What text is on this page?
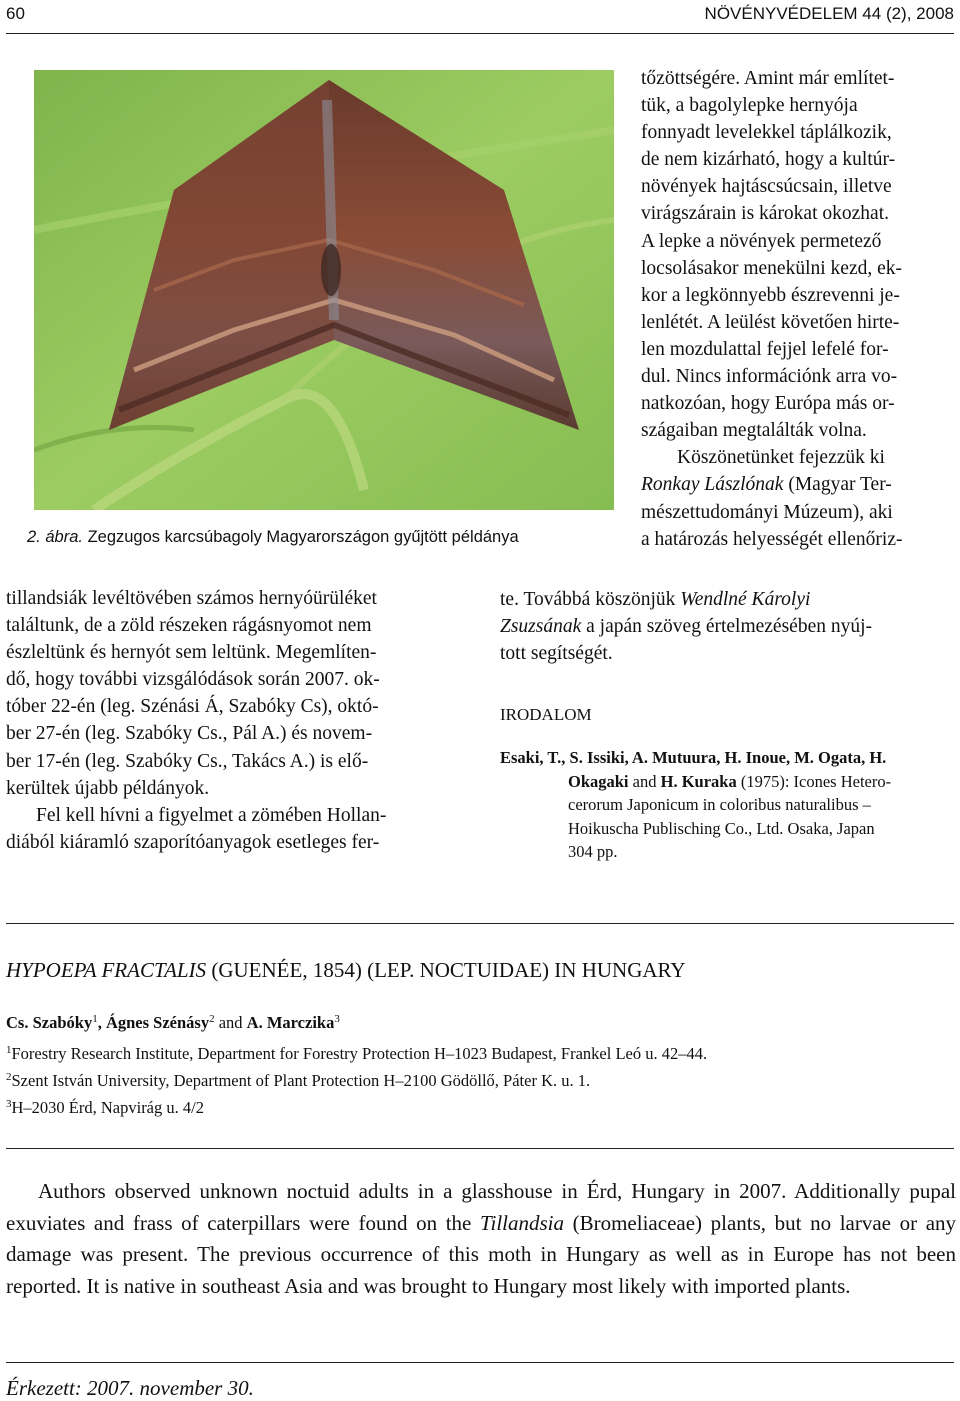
60	NÖVÉNYVÉDELEM 44 (2), 2008
2. ábra. Zegzugos karcsúbagoly Magyarországon gyűjtött példánya
tillandsiák levéltövében számos hernyóürüléket
találtunk, de a zöld részeken rágásnyomot nem
észleltünk és hernyót sem leltünk. Megemlíten-
dő, hogy további vizsgálódások során 2007. ok-
tóber 22-én (leg. Szénási Á, Szabóky Cs), októ-
ber 27-én (leg. Szabóky Cs., Pál A.) és novem-
ber 17-én (leg. Szabóky Cs., Takács A.) is elő-
kerültek újabb példányok.
Fel kell hívni a figyelmet a zömében Hollan-
diából kiáramló szaporítóanyagok esetleges fer-
tőzöttségére. Amint már említet-
tük, a bagolylepke hernyója
fonnyadt levelekkel táplálkozik,
de nem kizárható, hogy a kultúr-
növények hajtáscsúcsain, illetve
virágszárain is károkat okozhat.
A lepke a növények permetező
locsolásakor menekülni kezd, ek-
kor a legkönnyebb észrevenni je-
lenlétét. A leülést követően hirte-
len mozdulattal fejjel lefelé for-
dul. Nincs információnk arra vo-
natkozóan, hogy Európa más or-
szágaiban megtalálták volna.
Köszönetünket fejezzük ki
Ronkay Lászlónak (Magyar Ter-
mészettudományi Múzeum), aki
a határozás helyességét ellenőriz-
te. Továbbá köszönjük Wendlné Károlyi
Zsuzsának a japán szöveg értelmezésében nyúj-
tott segítségét.
IRODALOM
Esaki, T., S. Issiki, A. Mutuura, H. Inoue, M. Ogata, H.
Okagaki and H. Kuraka (1975): Icones Hetero-
cerorum Japonicum in coloribus naturalibus –
Hoikuscha Publisching Co., Ltd. Osaka, Japan
304 pp.
HYPOEPA FRACTALIS (GUENÉE, 1854) (LEP. NOCTUIDAE) IN HUNGARY
Cs. Szabóky$^1$, Ágnes Szénásy$^2$ and A. Marczika$^3$
$^1$Forestry Research Institute, Department for Forestry Protection H–1023 Budapest, Frankel Leó u. 42–44.
$^2$Szent István University, Department of Plant Protection H–2100 Gödöllő, Páter K. u. 1.
$^3$H–2030 Érd, Napvirág u. 4/2
Authors observed unknown noctuid adults in a glasshouse in Érd, Hungary in 2007. Additionally pupal exuviates and frass of caterpillars were found on the Tillandsia (Bromeliaceae) plants, but no larvae or any damage was present. The previous occurrence of this moth in Hungary as well as in Europe has not been reported. It is native in southeast Asia and was brought to Hungary most likely with imported plants.
Érkezett: 2007. november 30.
